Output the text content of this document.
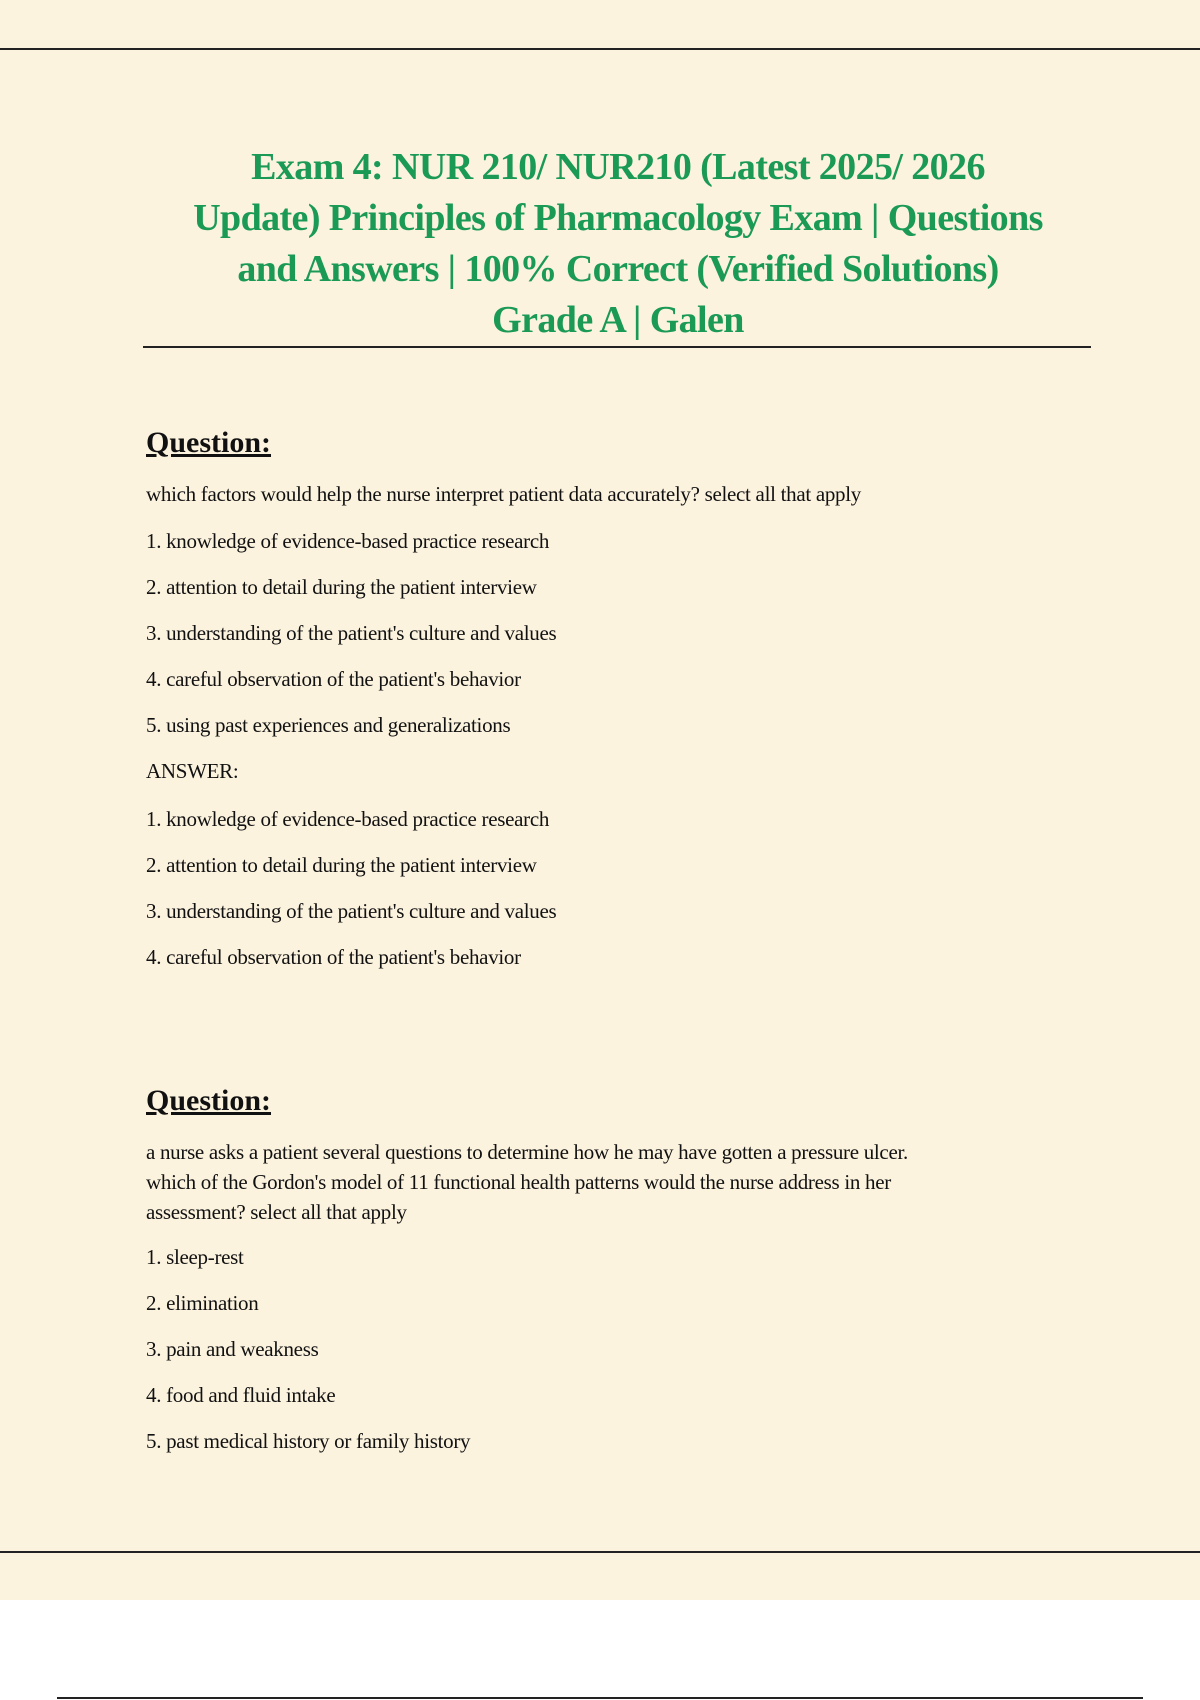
Exam 4: NUR 210/ NUR210 (Latest 2025/ 2026
Update) Principles of Pharmacology Exam | Questions
and Answers | 100% Correct (Verified Solutions)
Grade A | Galen

Question:

which factors would help the nurse interpret patient data accurately? select all that apply

1. knowledge of evidence-based practice research

2. attention to detail during the patient interview

3. understanding of the patient's culture and values

4. careful observation of the patient's behavior

5. using past experiences and generalizations

ANSWER:

1. knowledge of evidence-based practice research

2. attention to detail during the patient interview

3. understanding of the patient's culture and values

4. careful observation of the patient's behavior

Question:

a nurse asks a patient several questions to determine how he may have gotten a pressure ulcer.

which of the Gordon's model of 11 functional health patterns would the nurse address in her

assessment? select all that apply

1. sleep-rest

2. elimination

3. pain and weakness

4. food and fluid intake

5. past medical history or family history
